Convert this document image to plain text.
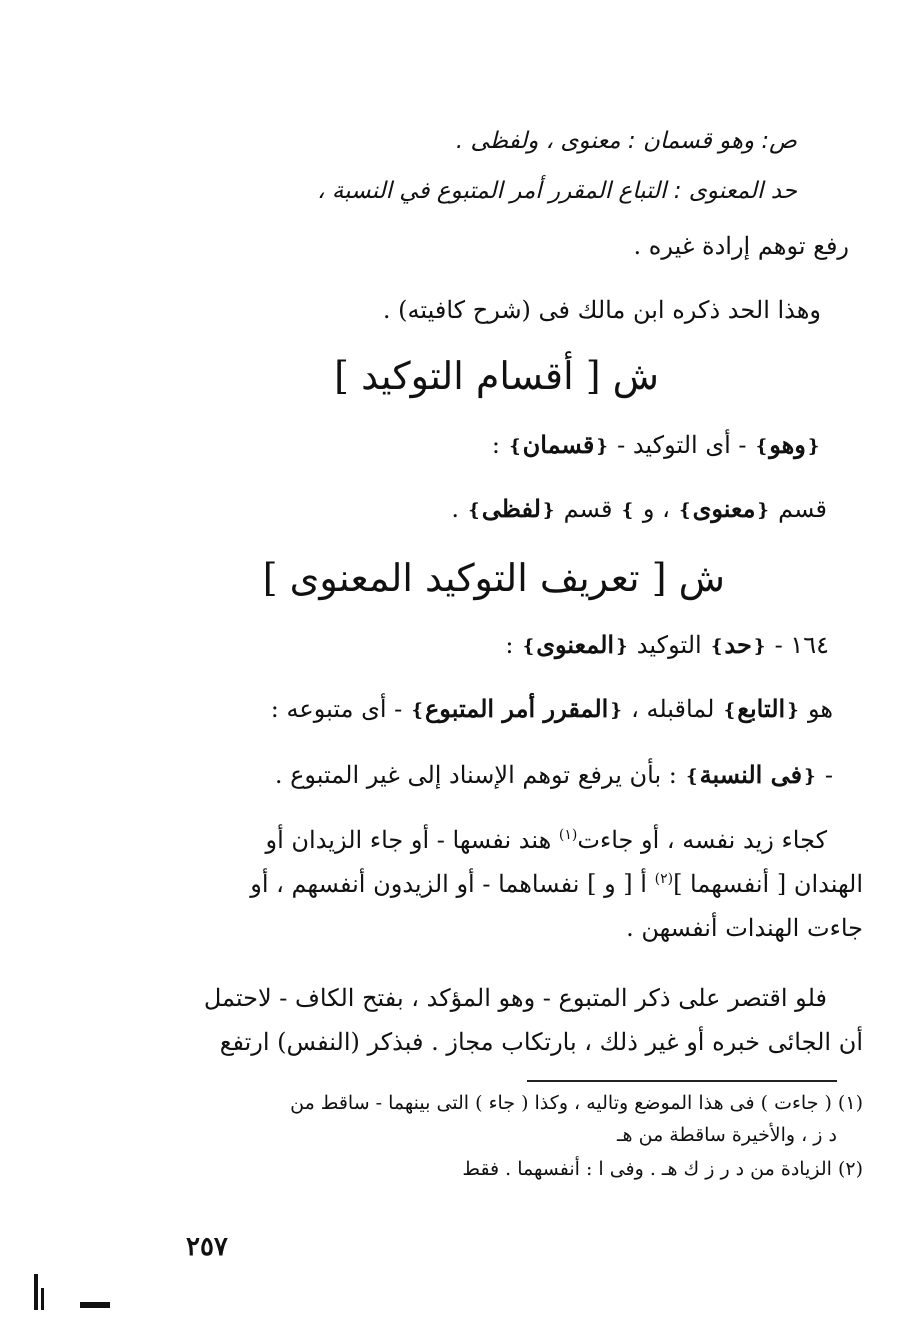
ص: وهو قسمان : معنوى ، ولفظى .
حد المعنوى : التباع المقرر أمر المتبوع في النسبة ،
رفع توهم إرادة غيره .
وهذا الحد ذكره ابن مالك فى (شرح كافيته) .
ش [ أقسام التوكيد ]
❴وهو❵ - أى التوكيد - ❴قسمان❵ :
قسم ❴معنوى❵ ، و ❵ قسم ❴لفظى❵ .
ش [ تعريف التوكيد المعنوى ]
١٦٤ - ❴حد❵ التوكيد ❴المعنوى❵ :
هو ❴التابع❵ لماقبله ، ❴المقرر أمر المتبوع❵ - أى متبوعه :
- ❴فى النسبة❵ : بأن يرفع توهم الإسناد إلى غير المتبوع .
كجاء زيد نفسه ، أو جاءت$^{(١)}$ هند نفسها - أو جاء الزيدان أو
الهندان [ أنفسهما ]$^{(٢)}$ أ [ و ] نفساهما - أو الزيدون أنفسهم ، أو
جاءت الهندات أنفسهن .
فلو اقتصر على ذكر المتبوع - وهو المؤكد ، بفتح الكاف - لاحتمل
أن الجائى خبره أو غير ذلك ، بارتكاب مجاز . فبذكر (النفس) ارتفع
(١) ( جاءت ) فى هذا الموضع وتاليه ، وكذا ( جاء ) التى بينهما - ساقط من
د ز ، والأخيرة ساقطة من هـ
(٢) الزيادة من د ر ز ك هـ . وفى ا : أنفسهما . فقط
٢٥٧
